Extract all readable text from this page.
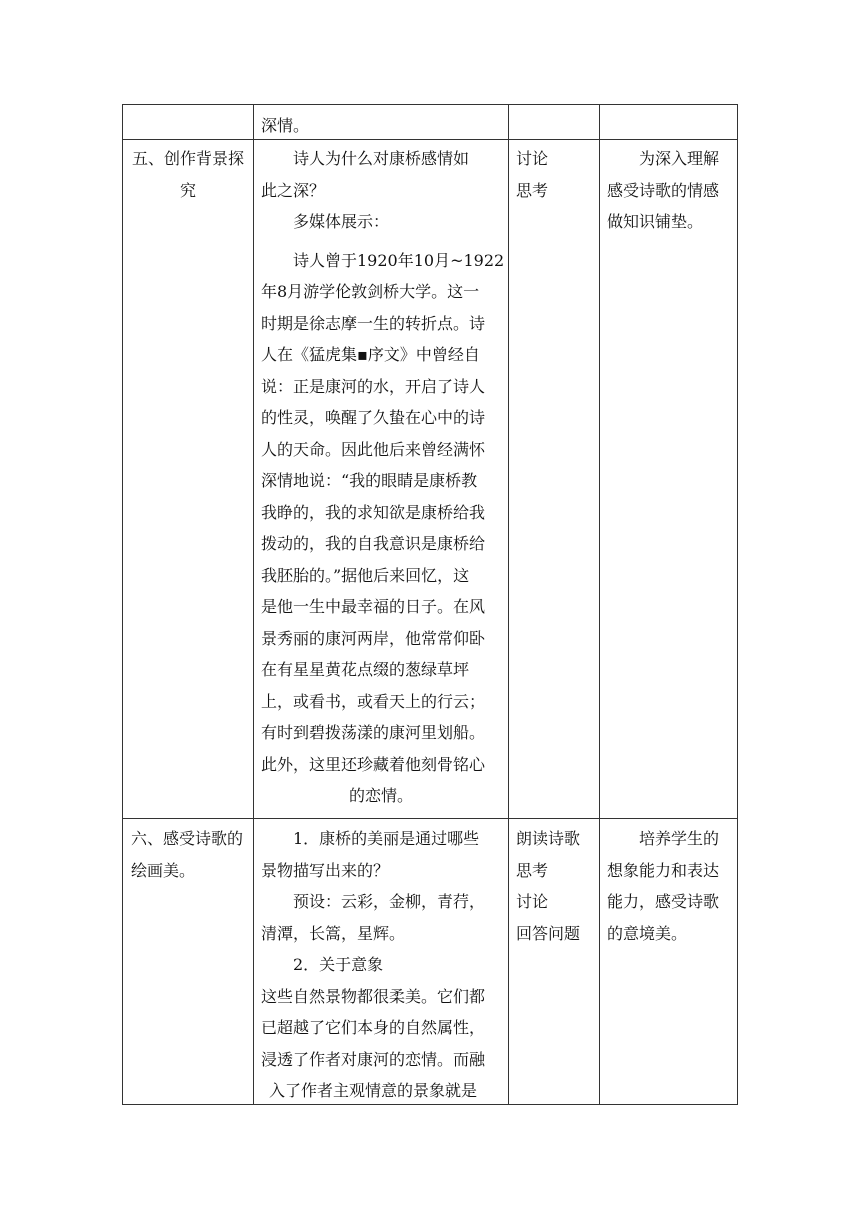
深情。
五、创作背景探
究
诗人为什么对康桥感情如
此之深？
多媒体展示：
诗人曾于1920年10月~1922
年8月游学伦敦剑桥大学。这一
时期是徐志摩一生的转折点。诗
人在《猛虎集▪序文》中曾经自
说：正是康河的水，开启了诗人
的性灵，唤醒了久蛰在心中的诗
人的天命。因此他后来曾经满怀
深情地说：“我的眼睛是康桥教
我睁的，我的求知欲是康桥给我
拨动的，我的自我意识是康桥给
我胚胎的。”据他后来回忆，这
是他一生中最幸福的日子。在风
景秀丽的康河两岸，他常常仰卧
在有星星黄花点缀的葱绿草坪
上，或看书，或看天上的行云；
有时到碧拨荡漾的康河里划船。
此外，这里还珍藏着他刻骨铭心
的恋情。
讨论
思考
为深入理解
感受诗歌的情感
做知识铺垫。
六、感受诗歌的
绘画美。
1．康桥的美丽是通过哪些
景物描写出来的？
预设：云彩，金柳，青荇，
清潭，长篙，星辉。
2．关于意象
这些自然景物都很柔美。它们都
已超越了它们本身的自然属性，
浸透了作者对康河的恋情。而融
入了作者主观情意的景象就是
朗读诗歌
思考
讨论
回答问题
培养学生的
想象能力和表达
能力，感受诗歌
的意境美。
